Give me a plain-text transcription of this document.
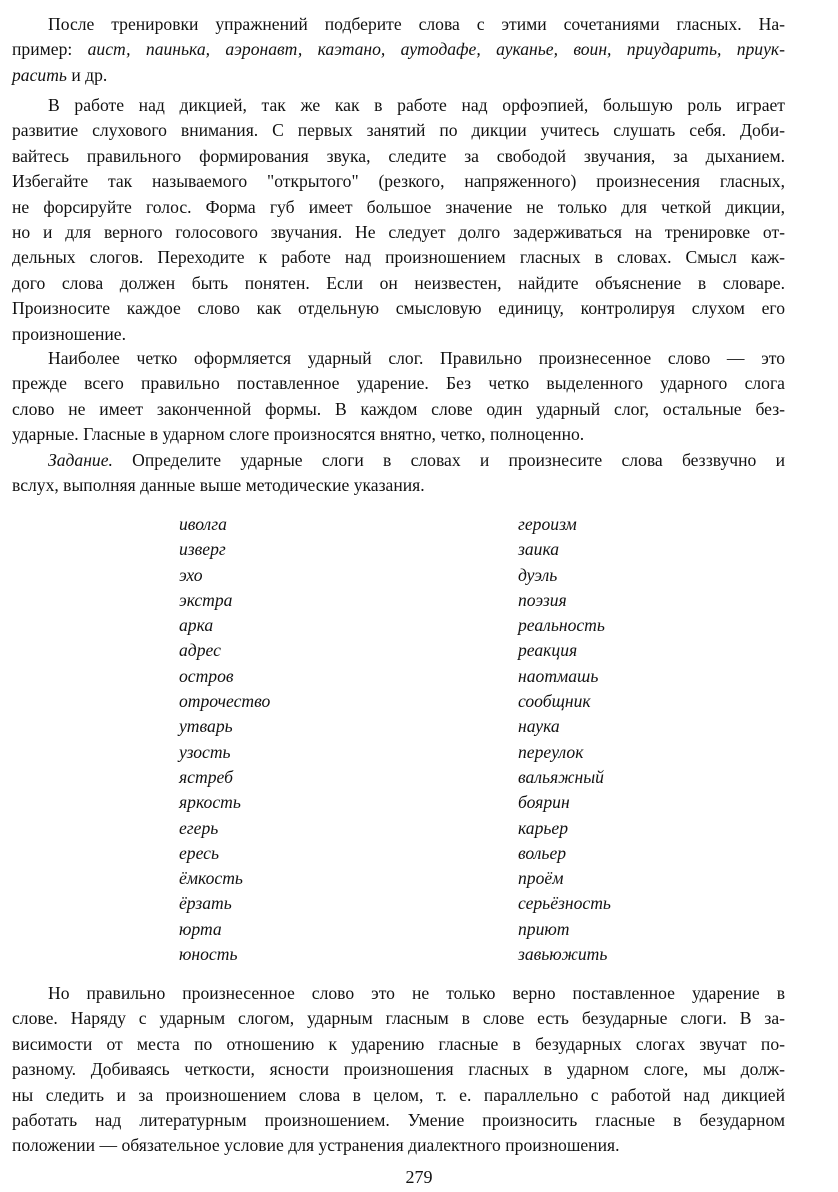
После тренировки упражнений подберите слова с этими сочетаниями гласных. На-
пример: аист, паинька, аэронавт, каэтано, аутодафе, ауканье, воин, приударить, приук-
расить и др.
В работе над дикцией, так же как в работе над орфоэпией, большую роль играет
развитие слухового внимания. С первых занятий по дикции учитесь слушать себя. Доби-
вайтесь правильного формирования звука, следите за свободой звучания, за дыханием.
Избегайте так называемого "открытого" (резкого, напряженного) произнесения гласных,
не форсируйте голос. Форма губ имеет большое значение не только для четкой дикции,
но и для верного голосового звучания. Не следует долго задерживаться на тренировке от-
дельных слогов. Переходите к работе над произношением гласных в словах. Смысл каж-
дого слова должен быть понятен. Если он неизвестен, найдите объяснение в словаре.
Произносите каждое слово как отдельную смысловую единицу, контролируя слухом его
произношение.
Наиболее четко оформляется ударный слог. Правильно произнесенное слово — это
прежде всего правильно поставленное ударение. Без четко выделенного ударного слога
слово не имеет законченной формы. В каждом слове один ударный слог, остальные без-
ударные. Гласные в ударном слоге произносятся внятно, четко, полноценно.
Задание. Определите ударные слоги в словах и произнесите слова беззвучно и
вслух, выполняя данные выше методические указания.
иволга
изверг
эхо
экстра
арка
адрес
остров
отрочество
утварь
узость
ястреб
яркость
егерь
ересь
ёмкость
ёрзать
юрта
юность
героизм
заика
дуэль
поэзия
реальность
реакция
наотмашь
сообщник
наука
переулок
вальяжный
боярин
карьер
вольер
проём
серьёзность
приют
завьюжить
Но правильно произнесенное слово это не только верно поставленное ударение в
слове. Наряду с ударным слогом, ударным гласным в слове есть безударные слоги. В за-
висимости от места по отношению к ударению гласные в безударных слогах звучат по-
разному. Добиваясь четкости, ясности произношения гласных в ударном слоге, мы долж-
ны следить и за произношением слова в целом, т. е. параллельно с работой над дикцией
работать над литературным произношением. Умение произносить гласные в безударном
положении — обязательное условие для устранения диалектного произношения.
279
